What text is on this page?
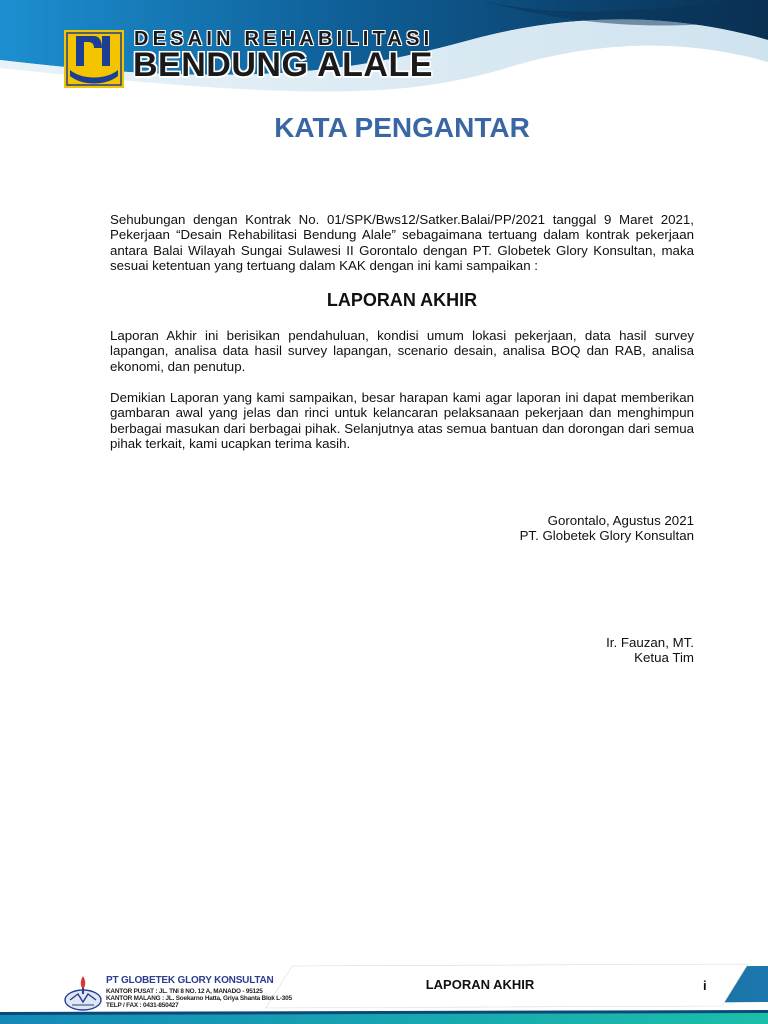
DESAIN REHABILITASI
BENDUNG ALALE
KATA PENGANTAR

Sehubungan dengan Kontrak No. 01/SPK/Bws12/Satker.Balai/PP/2021 tanggal 9 Maret 2021, Pekerjaan “Desain Rehabilitasi Bendung Alale” sebagaimana tertuang dalam kontrak pekerjaan antara Balai Wilayah Sungai Sulawesi II Gorontalo dengan PT. Globetek Glory Konsultan, maka sesuai ketentuan yang tertuang dalam KAK dengan ini kami sampaikan :

LAPORAN AKHIR

Laporan Akhir ini berisikan pendahuluan, kondisi umum lokasi pekerjaan, data hasil survey lapangan, analisa data hasil survey lapangan, scenario desain, analisa BOQ dan RAB, analisa ekonomi, dan penutup.

Demikian Laporan yang kami sampaikan, besar harapan kami agar laporan ini dapat memberikan gambaran awal yang jelas dan rinci untuk kelancaran pelaksanaan pekerjaan dan menghimpun berbagai masukan dari berbagai pihak. Selanjutnya atas semua bantuan dan dorongan dari semua pihak terkait, kami ucapkan terima kasih.

Gorontalo, Agustus 2021
PT. Globetek Glory Konsultan
Ir. Fauzan, MT.
Ketua Tim
PT GLOBETEK GLORY KONSULTAN
KANTOR PUSAT : JL. TNI 8 NO. 12 A, MANADO - 95125
KANTOR MALANG : JL. Soekarno Hatta, Griya Shanta Blok L-305
TELP / FAX : 0431-850427
LAPORAN AKHIR	i
